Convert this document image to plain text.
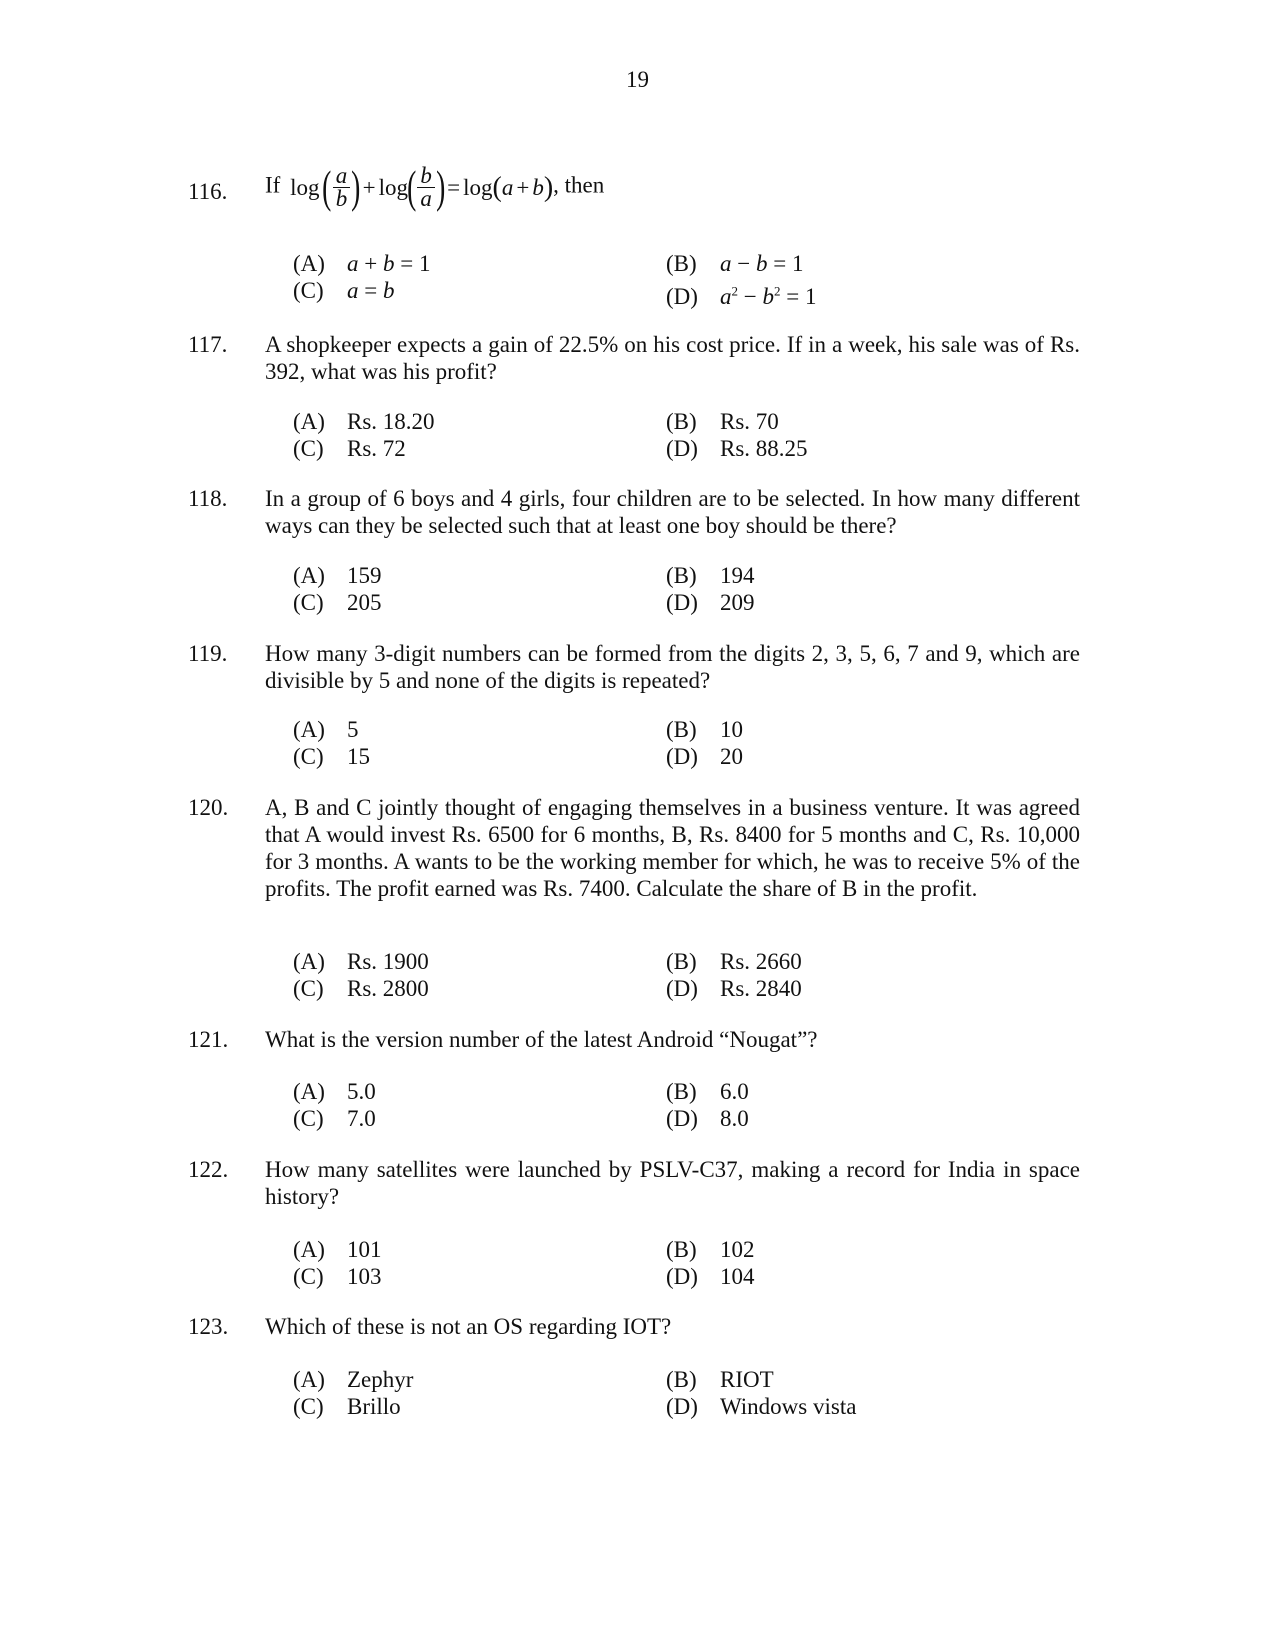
19
116. If log ( $\frac{a}{b}$ ) + log ( $\frac{b}{a}$ ) = log ( a + b ) , then
(A) a + b = 1	(B) a − b = 1
(C) a = b	(D) $a^2 - b^2 = 1$
117. A shopkeeper expects a gain of 22.5% on his cost price. If in a week, his sale was of Rs. 392, what was his profit?

(A) Rs. 18.20	(B) Rs. 70
(C) Rs. 72	(D) Rs. 88.25
118. In a group of 6 boys and 4 girls, four children are to be selected. In how many different ways can they be selected such that at least one boy should be there?

(A) 159	(B) 194
(C) 205	(D) 209
119. How many 3-digit numbers can be formed from the digits 2, 3, 5, 6, 7 and 9, which are divisible by 5 and none of the digits is repeated?

(A) 5	(B) 10
(C) 15	(D) 20
120. A, B and C jointly thought of engaging themselves in a business venture. It was agreed that A would invest Rs. 6500 for 6 months, B, Rs. 8400 for 5 months and C, Rs. 10,000 for 3 months. A wants to be the working member for which, he was to receive 5% of the profits. The profit earned was Rs. 7400. Calculate the share of B in the profit.

(A) Rs. 1900	(B) Rs. 2660
(C) Rs. 2800	(D) Rs. 2840
121. What is the version number of the latest Android “Nougat”?

(A) 5.0	(B) 6.0
(C) 7.0	(D) 8.0
122. How many satellites were launched by PSLV-C37, making a record for India in space history?

(A) 101	(B) 102
(C) 103	(D) 104
123. Which of these is not an OS regarding IOT?

(A) Zephyr	(B) RIOT
(C) Brillo	(D) Windows vista
